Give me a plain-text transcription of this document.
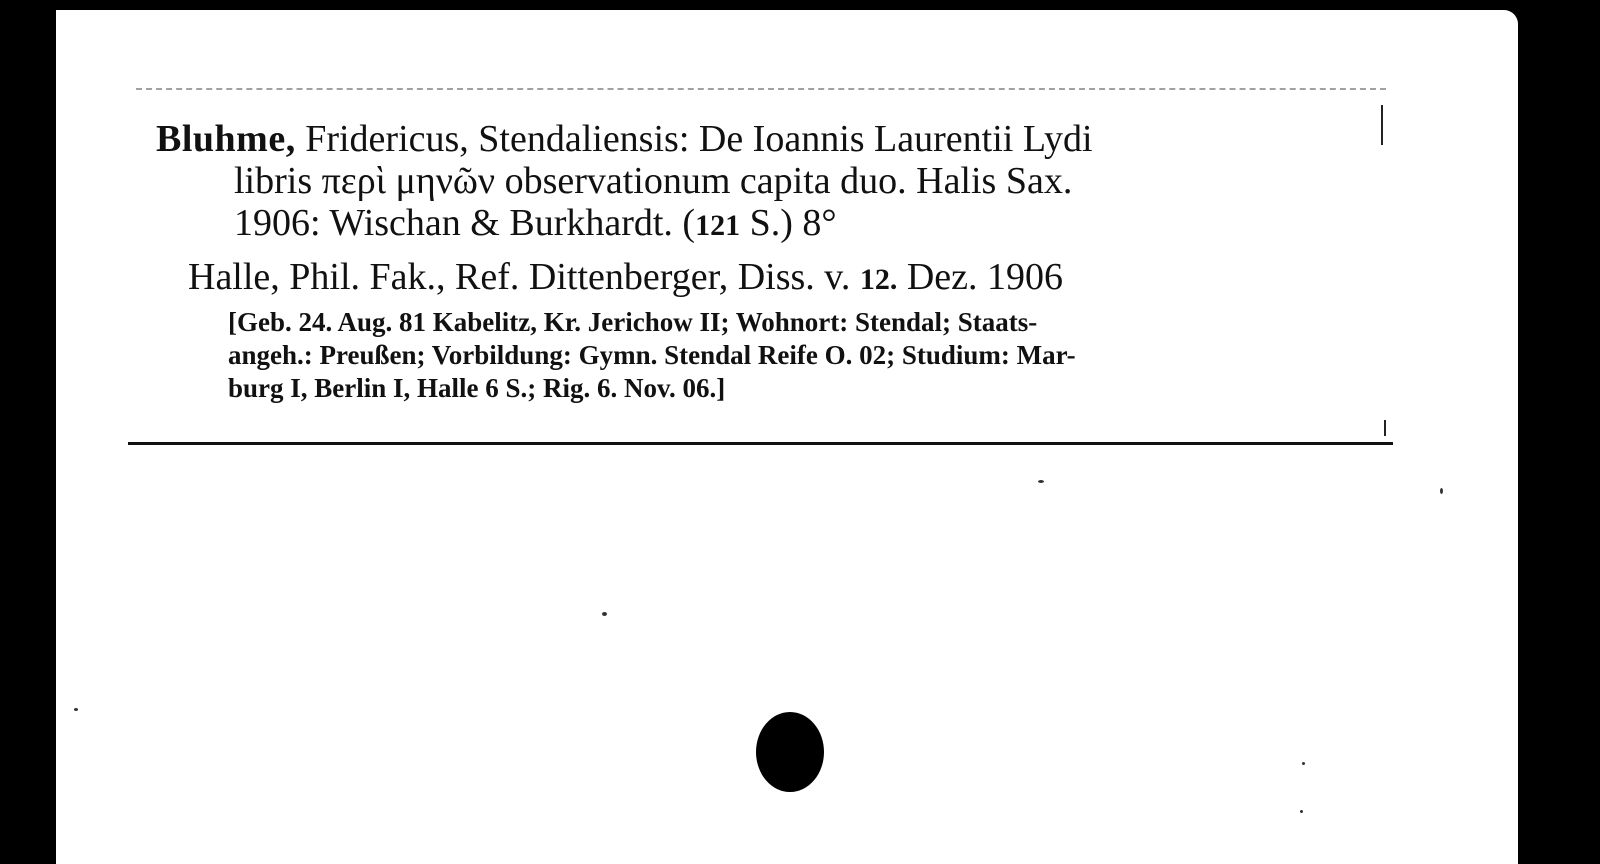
Bluhme, Fridericus, Stendaliensis: De Ioannis Laurentii Lydi
libris περὶ μηνῶν observationum capita duo. Halis Sax.
1906: Wischan & Burkhardt. (121 S.) 8°
Halle, Phil. Fak., Ref. Dittenberger, Diss. v. 12. Dez. 1906
[Geb. 24. Aug. 81 Kabelitz, Kr. Jerichow II; Wohnort: Stendal; Staats-
angeh.: Preußen; Vorbildung: Gymn. Stendal Reife O. 02; Studium: Mar-
burg I, Berlin I, Halle 6 S.; Rig. 6. Nov. 06.]
